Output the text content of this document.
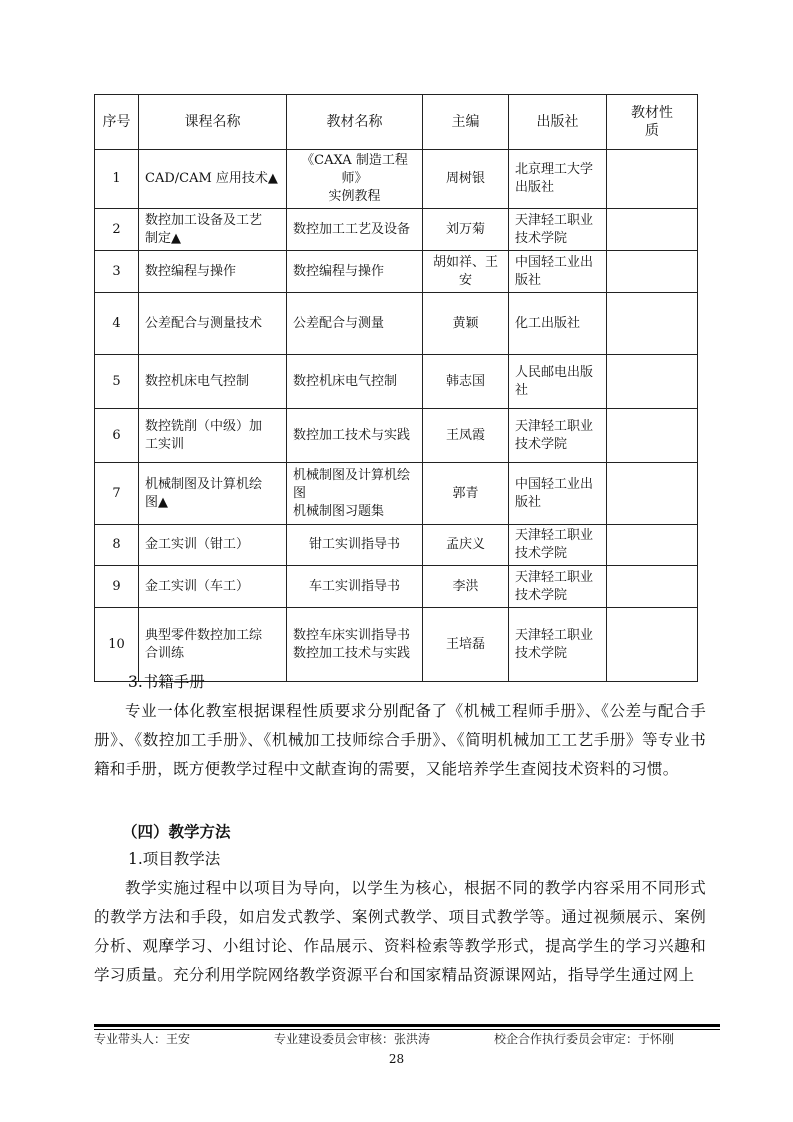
序号	课程名称	教材名称	主编	出版社	教材性
质
1	CAD/CAM 应用技术▲	《CAXA 制造工程师》
实例教程	周树银	北京理工大学
出版社	
2	数控加工设备及工艺
制定▲	数控加工工艺及设备	刘万菊	天津轻工职业
技术学院	
3	数控编程与操作	数控编程与操作	胡如祥、王
安	中国轻工业出
版社	
4	公差配合与测量技术	公差配合与测量	黄颖	化工出版社	
5	数控机床电气控制	数控机床电气控制	韩志国	人民邮电出版
社	
6	数控铣削（中级）加
工实训	数控加工技术与实践	王凤霞	天津轻工职业
技术学院	
7	机械制图及计算机绘
图▲	机械制图及计算机绘
图
机械制图习题集	郭青	中国轻工业出
版社	
8	金工实训（钳工）	钳工实训指导书	孟庆义	天津轻工职业
技术学院	
9	金工实训（车工）	车工实训指导书	李洪	天津轻工职业
技术学院	
10	典型零件数控加工综
合训练	数控车床实训指导书
数控加工技术与实践	王培磊	天津轻工职业
技术学院	
3.书籍手册
专业一体化教室根据课程性质要求分别配备了《机械工程师手册》、《公差与配合手册》、《数控加工手册》、《机械加工技师综合手册》、《简明机械加工工艺手册》等专业书籍和手册，既方便教学过程中文献查询的需要，又能培养学生查阅技术资料的习惯。
（四）教学方法
1.项目教学法
教学实施过程中以项目为导向，以学生为核心，根据不同的教学内容采用不同形式的教学方法和手段，如启发式教学、案例式教学、项目式教学等。通过视频展示、案例分析、观摩学习、小组讨论、作品展示、资料检索等教学形式，提高学生的学习兴趣和学习质量。充分利用学院网络教学资源平台和国家精品资源课网站，指导学生通过网上
专业带头人：王安	专业建设委员会审核：张洪涛	校企合作执行委员会审定：于怀刚
28
